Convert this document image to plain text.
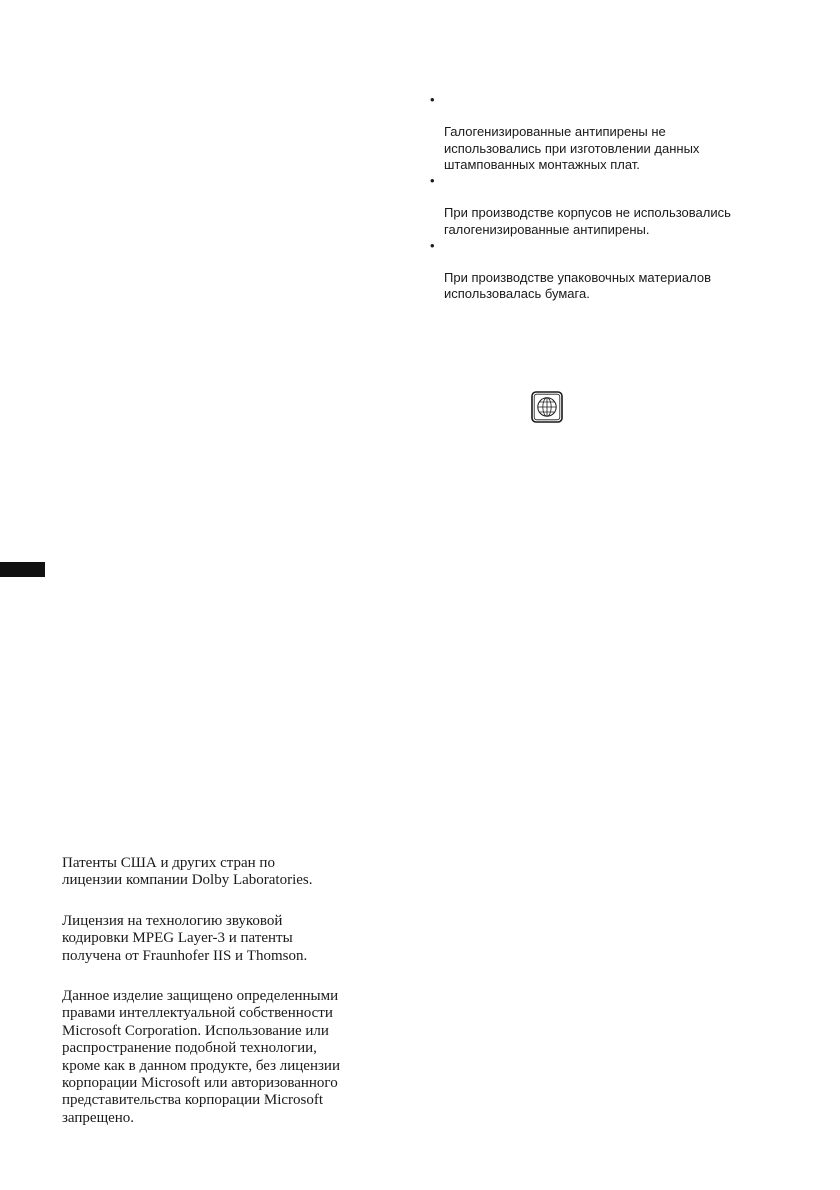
•

Галогенизированные антипирены не
использовались при изготовлении данных
штампованных монтажных плат.

•

При производстве корпусов не использовались
галогенизированные антипирены.

•

При производстве упаковочных материалов
использовалась бумага.

Патенты США и других стран по
лицензии компании Dolby Laboratories.

Лицензия на технологию звуковой
кодировки MPEG Layer-3 и патенты
получена от Fraunhofer IIS и Thomson.

Данное изделие защищено определенными
правами интеллектуальной собственности
Microsoft Corporation. Использование или
распространение подобной технологии,
кроме как в данном продукте, без лицензии
корпорации Microsoft или авторизованного
представительства корпорации Microsoft
запрещено.
